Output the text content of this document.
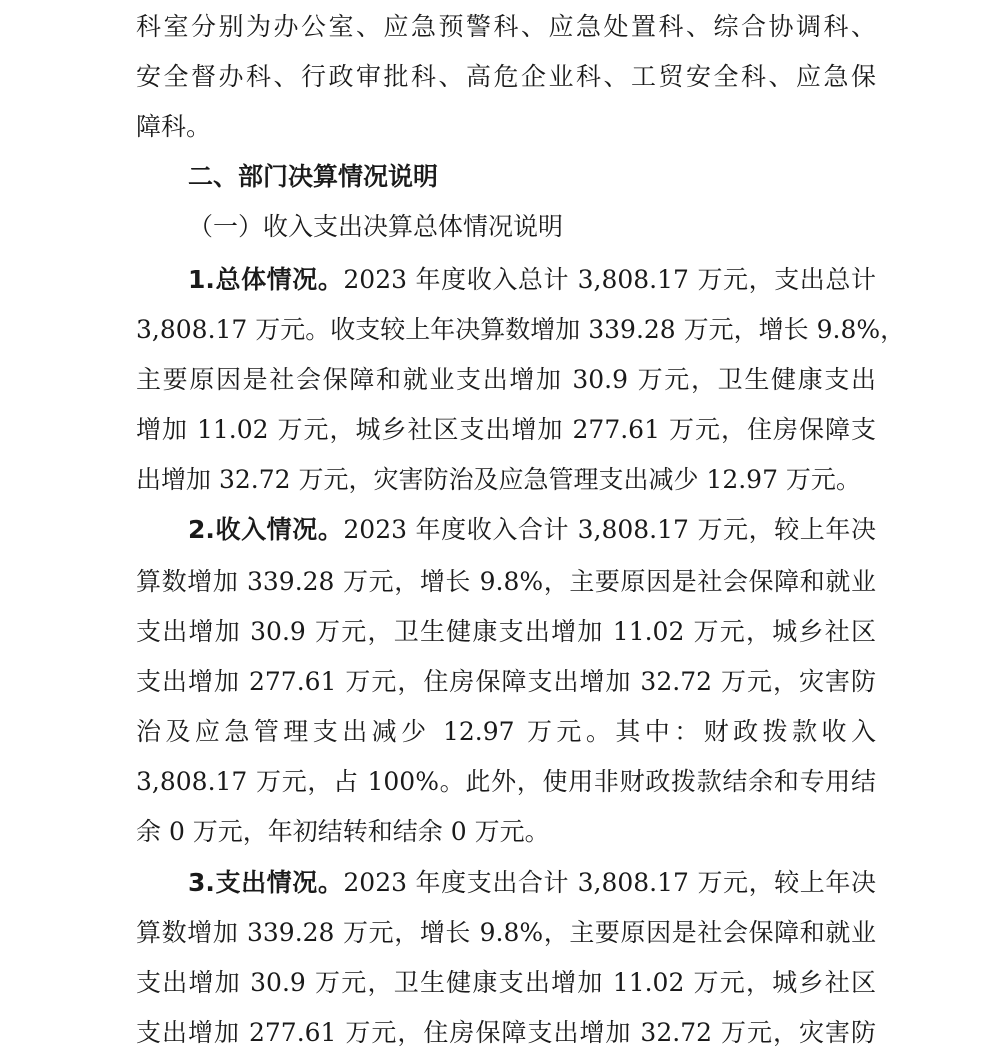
科室分别为办公室、应急预警科、应急处置科、综合协调科、
安全督办科、行政审批科、高危企业科、工贸安全科、应急保
障科。
二、部门决算情况说明
（一）收入支出决算总体情况说明
1.总体情况。2023 年度收入总计 3,808.17 万元，支出总计
3,808.17 万元。收支较上年决算数增加 339.28 万元，增长 9.8%，
主要原因是社会保障和就业支出增加 30.9 万元，卫生健康支出
增加 11.02 万元，城乡社区支出增加 277.61 万元，住房保障支
出增加 32.72 万元，灾害防治及应急管理支出减少 12.97 万元。
2.收入情况。2023 年度收入合计 3,808.17 万元，较上年决
算数增加 339.28 万元，增长 9.8%，主要原因是社会保障和就业
支出增加 30.9 万元，卫生健康支出增加 11.02 万元，城乡社区
支出增加 277.61 万元，住房保障支出增加 32.72 万元，灾害防
治及应急管理支出减少 12.97 万元。其中：财政拨款收入
3,808.17 万元，占 100%。此外，使用非财政拨款结余和专用结
余 0 万元，年初结转和结余 0 万元。
3.支出情况。2023 年度支出合计 3,808.17 万元，较上年决
算数增加 339.28 万元，增长 9.8%，主要原因是社会保障和就业
支出增加 30.9 万元，卫生健康支出增加 11.02 万元，城乡社区
支出增加 277.61 万元，住房保障支出增加 32.72 万元，灾害防
